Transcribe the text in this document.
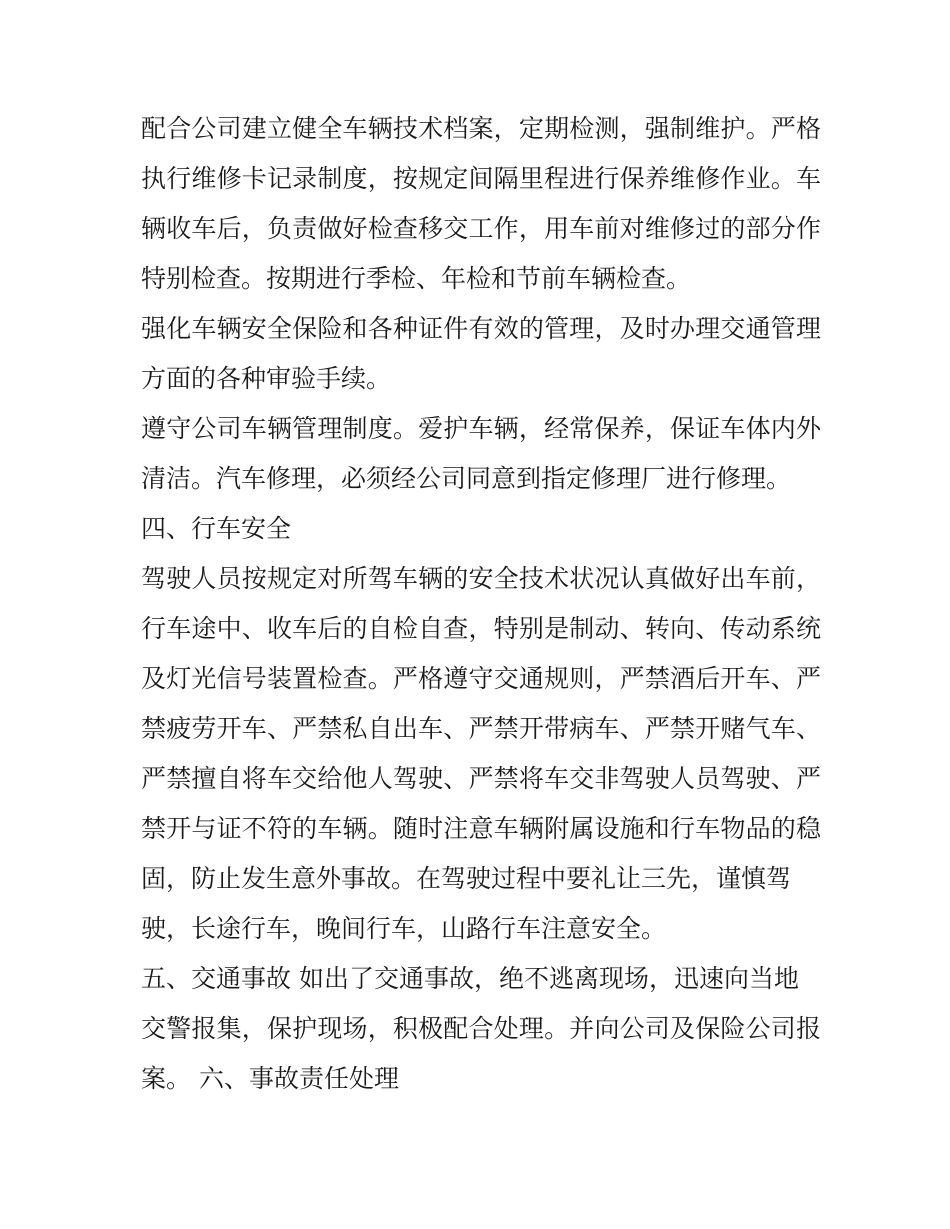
配合公司建立健全车辆技术档案，定期检测，强制维护。严格
执行维修卡记录制度，按规定间隔里程进行保养维修作业。车
辆收车后，负责做好检查移交工作，用车前对维修过的部分作
特别检查。按期进行季检、年检和节前车辆检查。
强化车辆安全保险和各种证件有效的管理，及时办理交通管理
方面的各种审验手续。
遵守公司车辆管理制度。爱护车辆，经常保养，保证车体内外
清洁。汽车修理，必须经公司同意到指定修理厂进行修理。
四、行车安全
驾驶人员按规定对所驾车辆的安全技术状况认真做好出车前，
行车途中、收车后的自检自查，特别是制动、转向、传动系统
及灯光信号装置检查。严格遵守交通规则，严禁酒后开车、严
禁疲劳开车、严禁私自出车、严禁开带病车、严禁开赌气车、
严禁擅自将车交给他人驾驶、严禁将车交非驾驶人员驾驶、严
禁开与证不符的车辆。随时注意车辆附属设施和行车物品的稳
固，防止发生意外事故。在驾驶过程中要礼让三先，谨慎驾
驶，长途行车，晚间行车，山路行车注意安全。
五、交通事故 如出了交通事故，绝不逃离现场，迅速向当地
交警报集，保护现场，积极配合处理。并向公司及保险公司报
案。 六、事故责任处理
